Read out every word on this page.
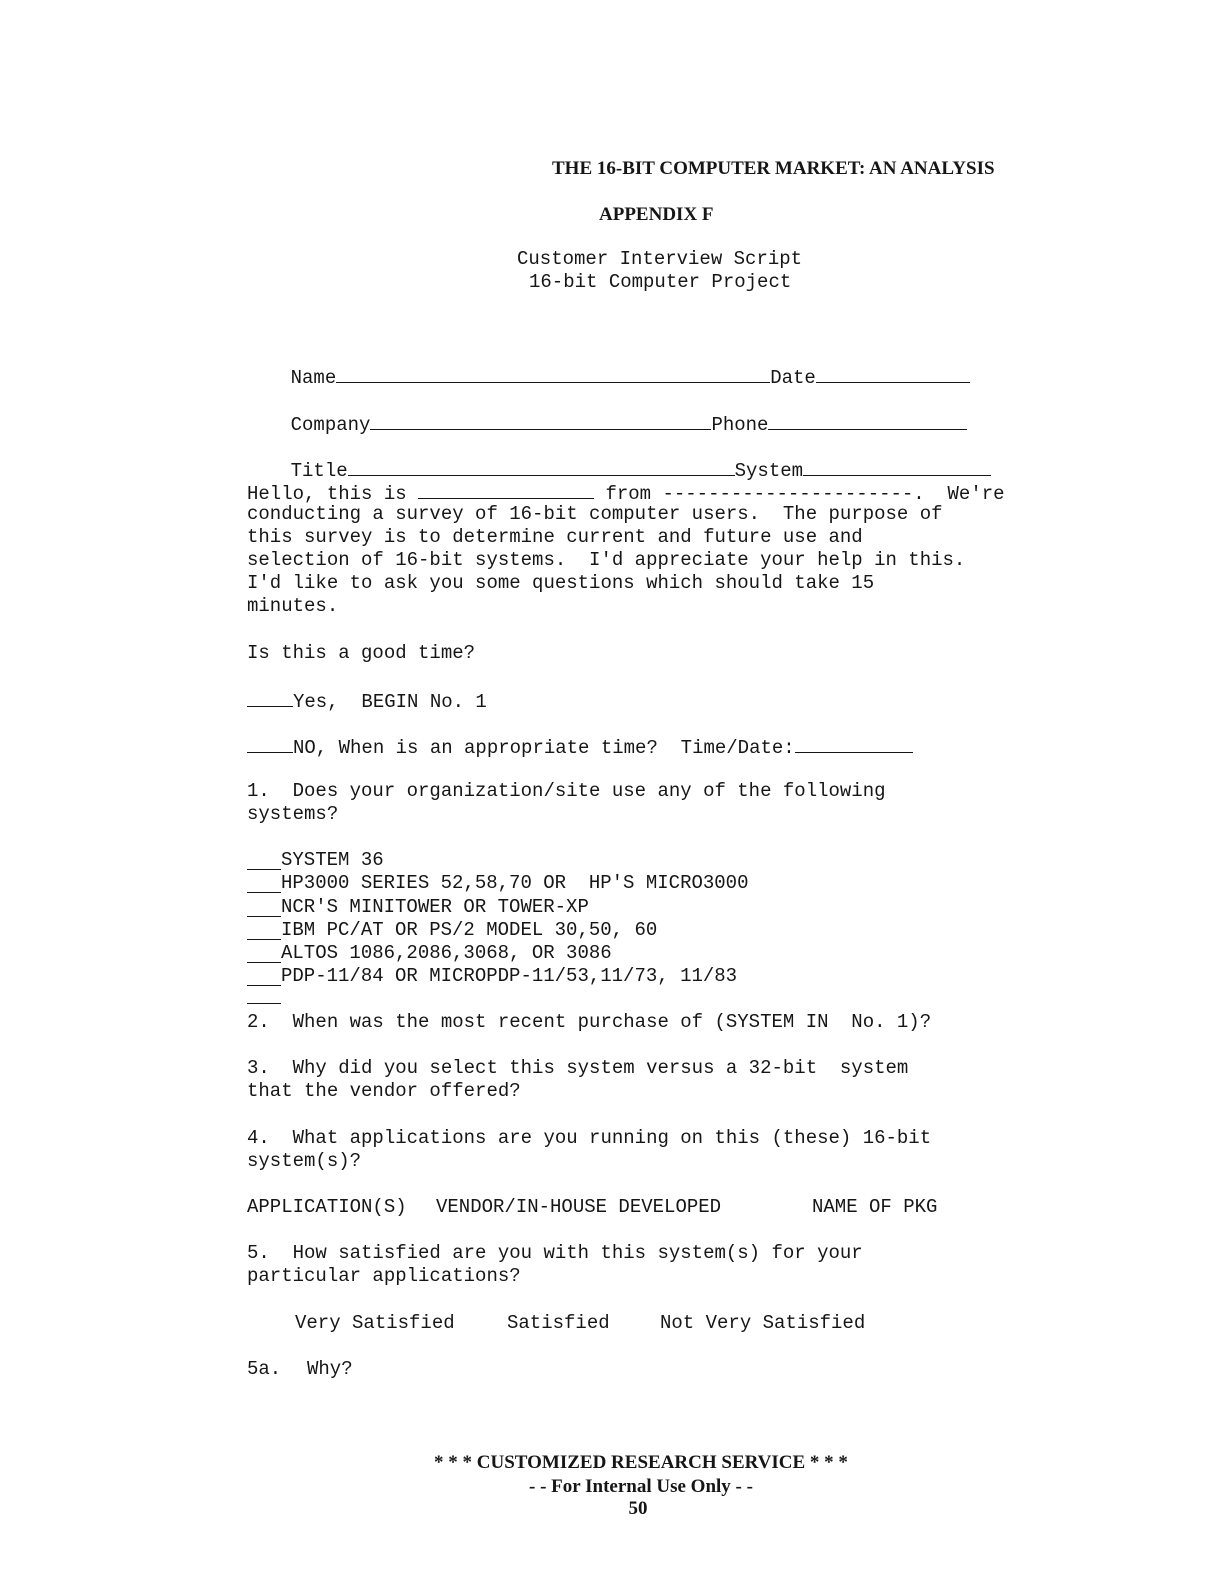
THE 16-BIT COMPUTER MARKET: AN ANALYSIS
APPENDIX F
Customer Interview Script
16-bit Computer Project

Name	Date

Company	Phone

Title	System

Hello, this is	from ----------------------. We're
conducting a survey of 16-bit computer users.  The purpose of
this survey is to determine current and future use and
selection of 16-bit systems.  I'd appreciate your help in this.
I'd like to ask you some questions which should take 15
minutes.
Is this a good time?
Yes,  BEGIN No. 1
NO, When is an appropriate time?  Time/Date:
1.  Does your organization/site use any of the following
systems?
SYSTEM 36
HP3000 SERIES 52,58,70 OR  HP'S MICRO3000
NCR'S MINITOWER OR TOWER-XP
IBM PC/AT OR PS/2 MODEL 30,50, 60
ALTOS 1086,2086,3068, OR 3086
PDP-11/84 OR MICROPDP-11/53,11/73, 11/83
2.  When was the most recent purchase of (SYSTEM IN  No. 1)?
3.  Why did you select this system versus a 32-bit  system
that the vendor offered?
4.  What applications are you running on this (these) 16-bit
system(s)?
APPLICATION(S) VENDOR/IN-HOUSE DEVELOPED	NAME OF PKG
5.  How satisfied are you with this system(s) for your
particular applications?
Very Satisfied	Satisfied	Not Very Satisfied
5a. Why?
* * * CUSTOMIZED RESEARCH SERVICE * * *
- - For Internal Use Only - -
50
